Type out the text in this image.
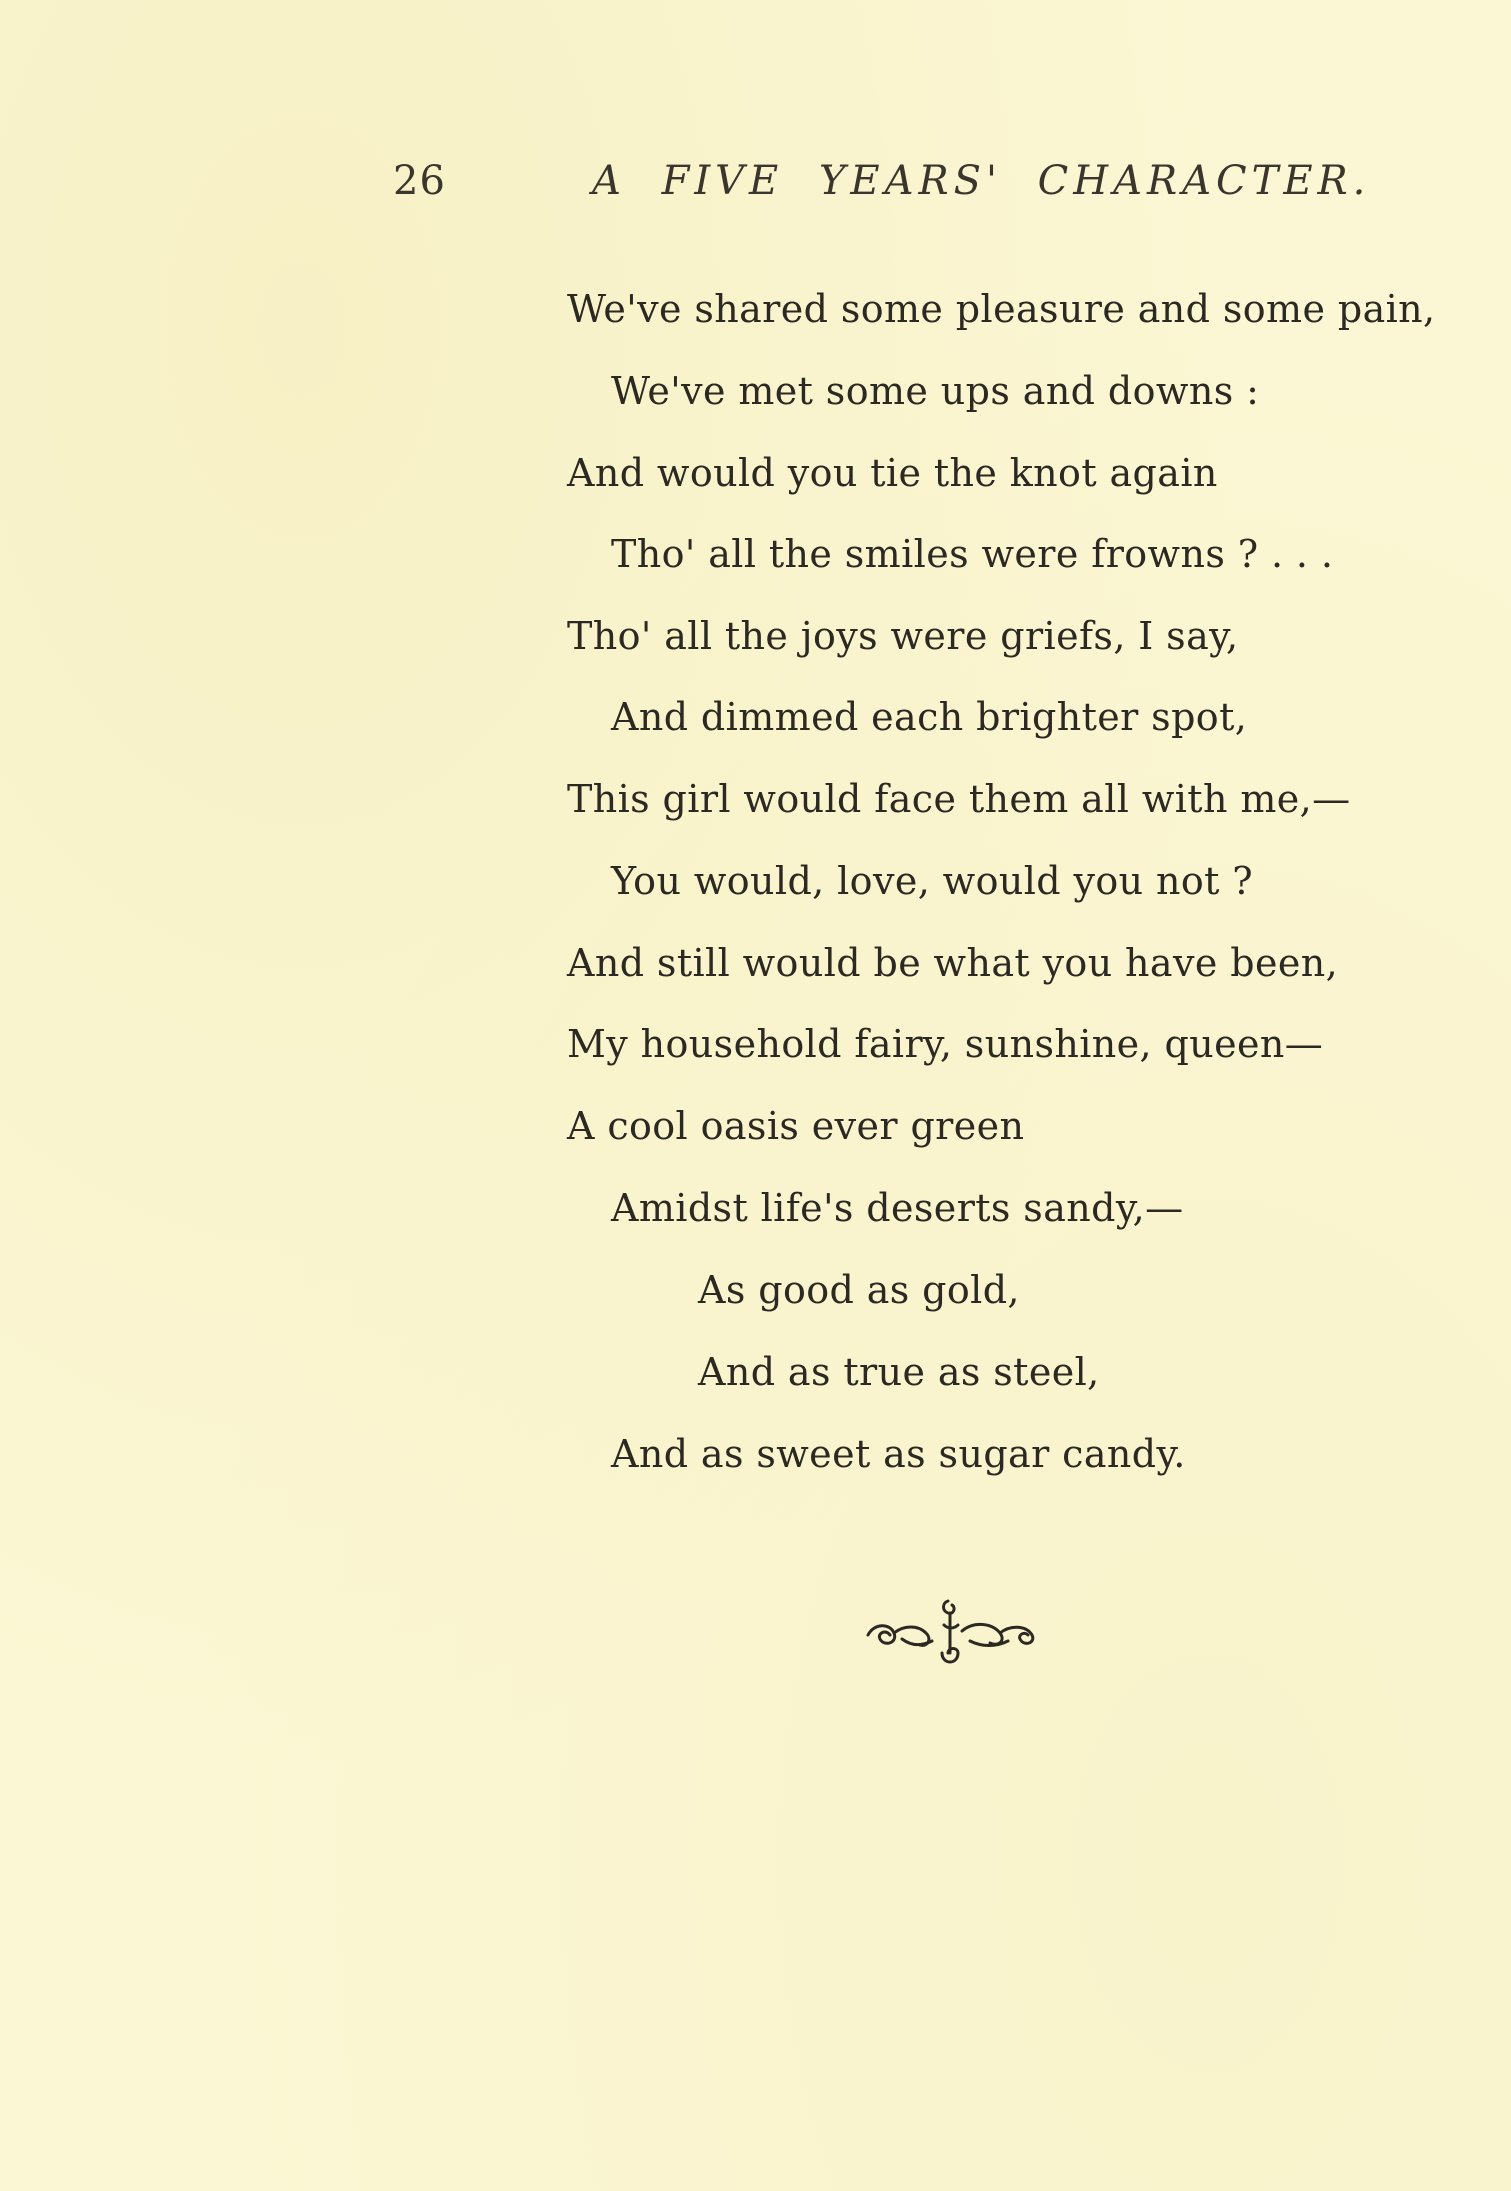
26	A FIVE YEARS' CHARACTER.
We've shared some pleasure and some pain,
We've met some ups and downs :
And would you tie the knot again
Tho' all the smiles were frowns ? . . .
Tho' all the joys were griefs, I say,
And dimmed each brighter spot,
This girl would face them all with me,—
You would, love, would you not ?
And still would be what you have been,
My household fairy, sunshine, queen—
A cool oasis ever green
Amidst life's deserts sandy,—
As good as gold,
And as true as steel,
And as sweet as sugar candy.
